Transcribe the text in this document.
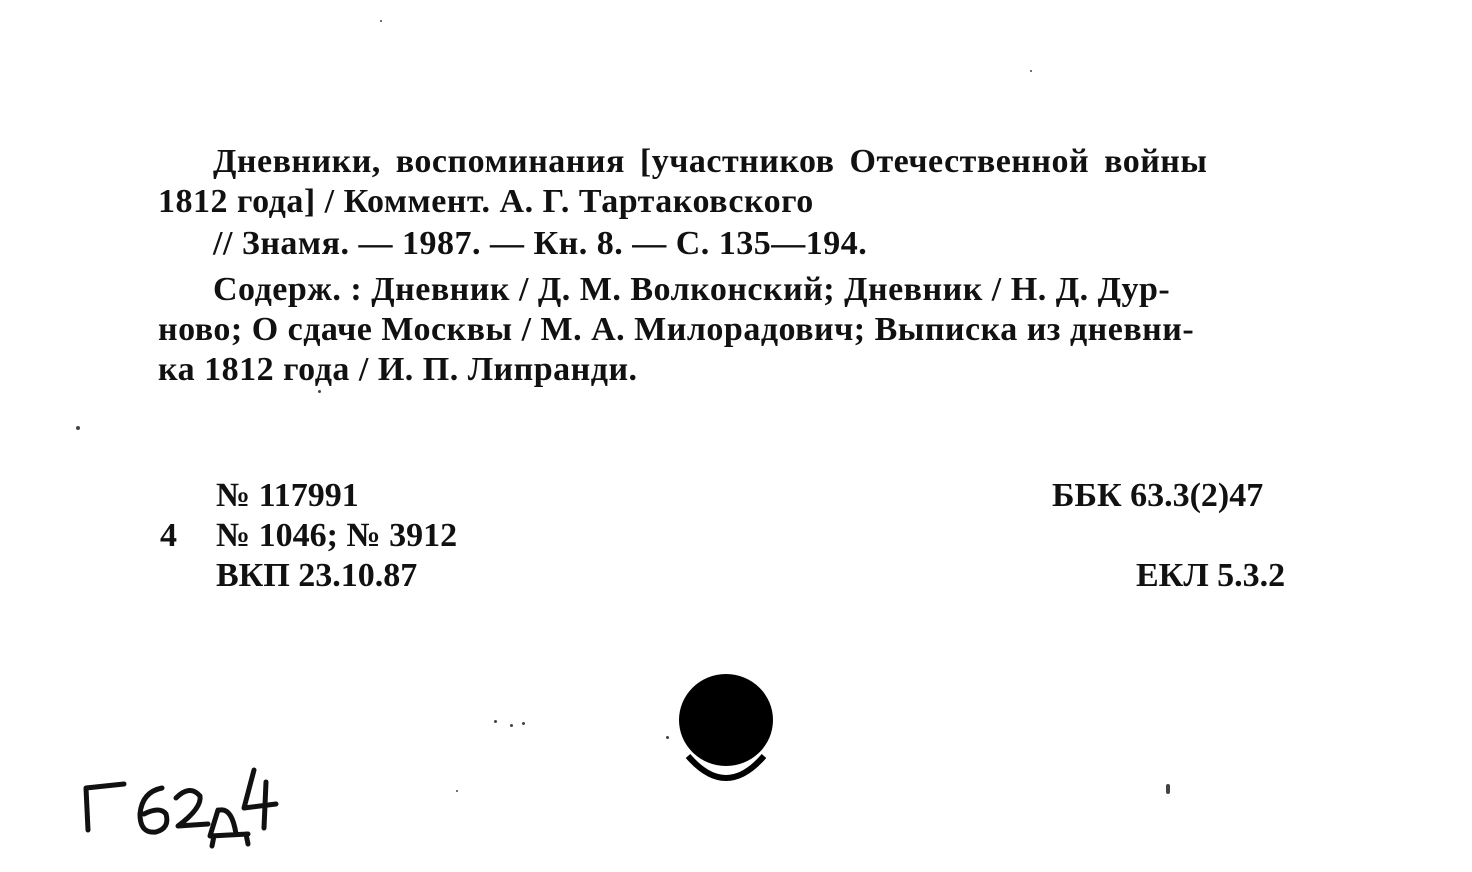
Дневники, воспоминания [участников Отечественной войны
1812 года] / Коммент. А. Г. Тартаковского
// Знамя. — 1987. — Кн. 8. — С. 135—194.
Содерж. : Дневник / Д. М. Волконский; Дневник / Н. Д. Дур-
ново; О сдаче Москвы / М. А. Милорадович; Выписка из дневни-
ка 1812 года / И. П. Липранди.
№ 117991
4 № 1046; № 3912
ВКП 23.10.87
ББК 63.3(2)47
ЕКЛ 5.3.2
